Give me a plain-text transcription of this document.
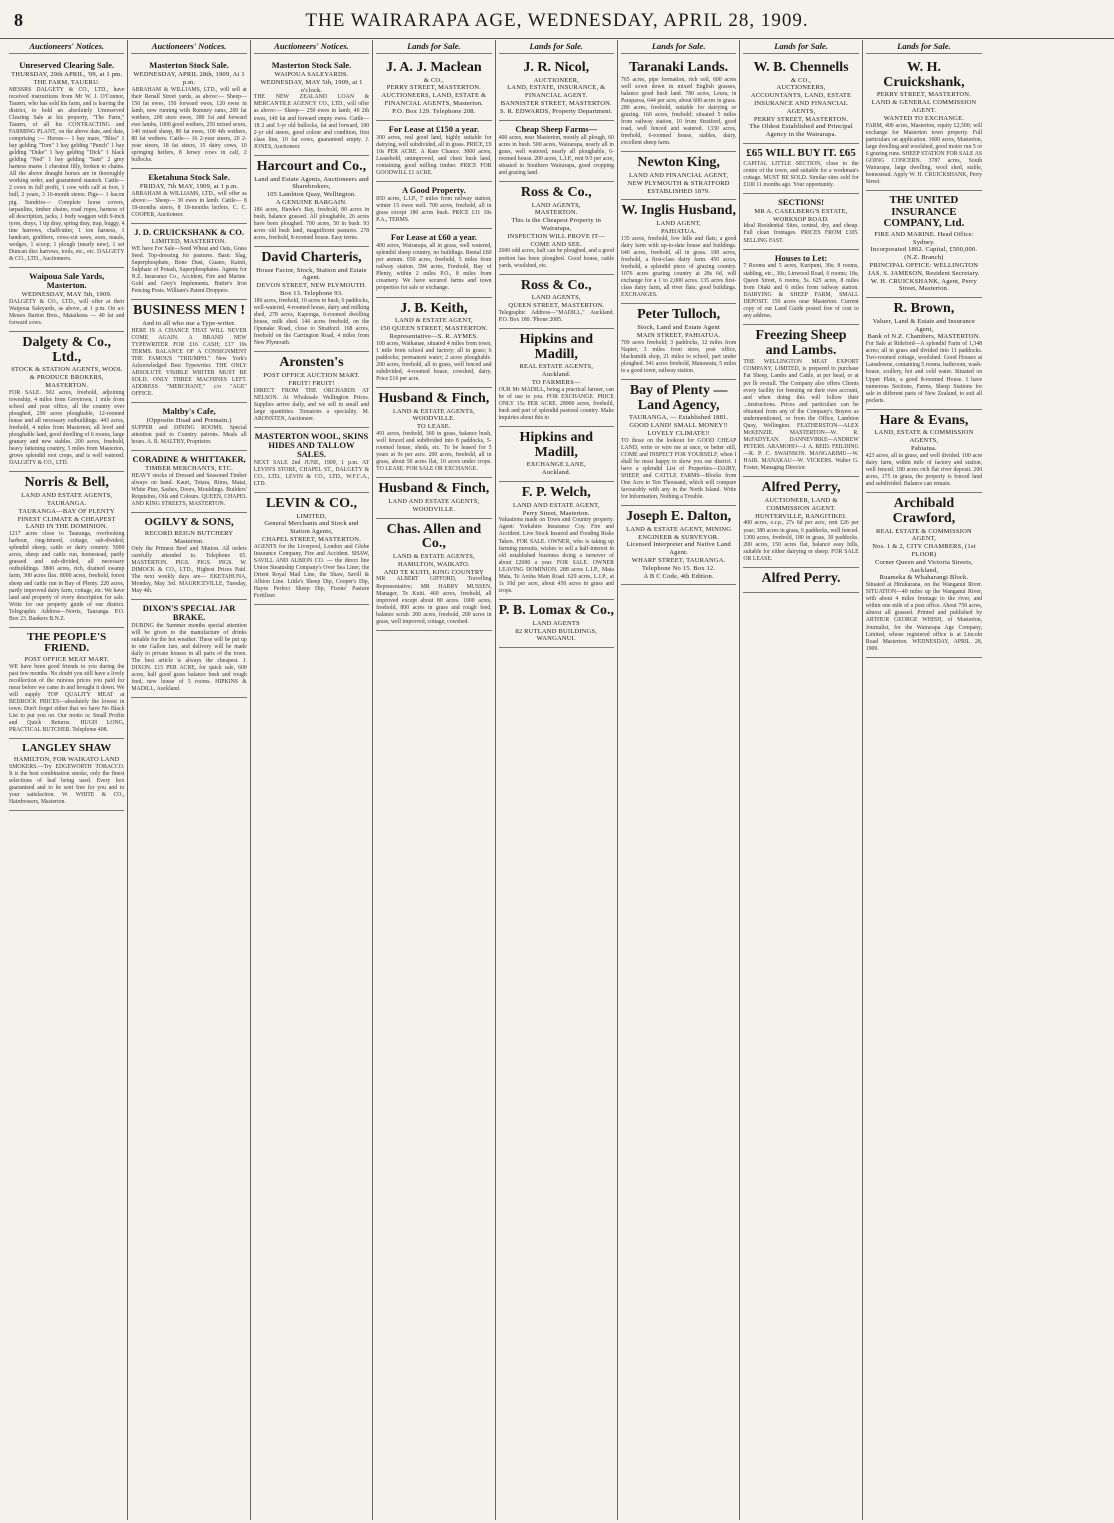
8	THE WAIRARAPA AGE, WEDNESDAY, APRIL 28, 1909.
Auctioneers' Notices.
Unreserved Clearing Sale.
THURSDAY, 29th APRIL, '09, at 1 pm.
THE FARM, TAUERU.
MESSRS DALGETY & CO., LTD., have received instructions from Mr W. J. O'Connor, Tauern, who has sold his farm, and is leaving the district, to hold an absolutely Unreserved Clearing Sale at his property, "The Farm," Tauern, of all his CONTRACTING and FARMING PLANT, on the above date, and date, comprising :— Horses— 1 bay mare, "Bliss" 1 bay gelding "Tom" 1 bay gelding "Punch" 1 bay gelding "Duke" 1 bay gelding "Dick" 1 black gelding "Ned" 1 bay gelding "Sam" 2 grey harness mares 1 chestnut filly, broken to chains. All the above draught horses are in thoroughly working order, and guaranteed staunch. Cattle— 2 cows in full profit, 1 cow with calf at foot, 1 bull, 2 years, 3 16-month steers. Pigs— 1 bacon pig. Sundries— Complete horse covers, tarpaulins, timber chains, road ropes, harness of all description, jacks, 1 body waggon with 9-inch tyres, drays, 1 tip dray, spring dray, trap, buggy, 4 tine harrows, chaffcutter, 1 ton harness, 1 handcart, grubbers, cross-cut saws, axes, mauls, wedges, 1 scoop, 1 plough (nearly new), 1 set Duncan disc harrows, tools, etc., etc. DALGETY & CO., LTD., Auctioneers.
Waipoua Sale Yards, Masterton.
WEDNESDAY, MAY 5th, 1909.
DALGETY & CO., LTD., will offer at their Waipoua Saleyards, as above, at 1 p.m. On a/c Messrs Barton Bros., Mataikona — 40 fat and forward cows.
Dalgety & Co., Ltd.,
STOCK & STATION AGENTS, WOOL & PRODUCE BROKERS, MASTERTON.
FOR SALE. 502 acres, freehold, adjoining township, 4 miles from Greytown, 1 mile from school and post office, all the country ever ploughed, 290 acres ploughable, 12-roomed house and all necessary outbuildings. 443 acres, freehold, 4 miles from Masterton, all level and ploughable land, good dwelling of 6 rooms, large granary and new stables. 200 acres, freehold, heavy fattening country, 5 miles from Masterton, grows splendid root crops, and is well watered. DALGETY & CO., LTD.
Norris & Bell,
LAND AND ESTATE AGENTS, TAURANGA.
TAURANGA—BAY OF PLENTY
FINEST CLIMATE & CHEAPEST LAND IN THE DOMINION.
1217 acres close to Tauranga, overlooking harbour, ring-fenced, cottage, sub-divided; splendid sheep, cattle or dairy country. 5000 acres, sheep and cattle run, homestead, partly grassed and sub-divided, all necessary outbuildings. 3800 acres, rich, drained swamp farm, 300 acres flax. 8000 acres, freehold, forest sheep and cattle run in Bay of Plenty. 220 acres, partly improved dairy farm, cottage, etc. We have land and property of every description for sale. Write for our property guide of our district. Telegraphic Address—Norris, Tauranga. P.O. Box 23. Bankers B.N.Z.
THE PEOPLE'S FRIEND.
POST OFFICE MEAT MART.
WE have been good friends to you during the past few months. No doubt you still have a lively recollection of the ruinous prices you paid for meat before we came in and brought it down. We will supply TOP QUALITY MEAT at BEDROCK PRICES—absolutely the lowest in town. Don't forget either that we have No Black List to put you on. Our motto is: Small Profits and Quick Returns. HUGH LONG, PRACTICAL BUTCHER. Telephone 408.
LANGLEY SHAW
HAMILTON, FOR WAIKATO LAND
SMOKERS.—Try EDGEWORTH TOBACCO. It is the best combination smoke, only the finest selections of leaf being used. Every box guaranteed and to be sent free for you and to your satisfaction. W. WHITE & CO., Hairdressers, Masterton.
Auctioneers' Notices.
Masterton Stock Sale.
WEDNESDAY, APRIL 28th, 1909, At 1 p.m.
ABRAHAM & WILLIAMS, LTD., will sell at their Renall Street yards, as above:— Sheep— 150 fat ewes, 150 forward ewes, 120 ewes in lamb, now running with Romney rams, 200 fat wethers, 200 store ewes, 300 1st and forward ewe lambs, 1000 good wethers, 250 mixed sexes, 140 mixed sheep, 80 fat ewes, 100 4th wethers, 80 fat wethers. Cattle— 16 2-year steers, 20 2-year steers, 18 fat steers, 15 dairy cows, 10 springing heifers, 8 Jersey cows in calf, 2 bullocks.
Eketahuna Stock Sale.
FRIDAY, 7th MAY, 1909, at 1 p.m.
ABRAHAM & WILLIAMS, LTD., will offer as above:— Sheep— 30 ewes in lamb. Cattle— 8 18-months steers, 8 18-months heifers. C. C. COOPER, Auctioneer.
J. D. CRUICKSHANK & CO.
LIMITED, MASTERTON.
WE have For Sale—Seed Wheat and Oats, Grass Seed. Top-dressing for pastures. Basic Slag, Superphosphate, Bone Dust, Guano, Kainit, Sulphate of Potash, Superphosphates. Agents for N.Z. Insurance Co., Accident, Fire and Marine. Gold and Grey's Implements. Butter's Iron Fencing Posts. William's Patent Droppers.
BUSINESS MEN !
And to all who use a Type-writer.
HERE IS A CHANCE THAT WILL NEVER COME AGAIN. A BRAND NEW TYPEWRITER FOR £16 CASH; £17 10s TERMS. BALANCE OF A CONSIGNMENT THE FAMOUS "TRIUMPH." New York's Acknowledged Best Typewriter. THE ONLY ABSOLUTE VISIBLE WRITER MUST BE SOLD. ONLY THREE MACHINES LEFT. ADDRESS "MERCHANT," c/o "AGE" OFFICE.
Maltby's Cafe,
(Opposite Hoad and Premain.)
SUPPER and DINING ROOMS. Special attention paid to Country patrons. Meals all hours. A. R. MALTBY, Proprietor.
CORADINE & WHITTAKER,
TIMBER MERCHANTS, ETC.
HEAVY stocks of Dressed and Seasoned Timber always on hand. Kauri, Totara, Rimu, Matai, White Pine, Sashes, Doors, Mouldings. Builders' Requisites, Oils and Colours. QUEEN, CHAPEL AND KING STREETS, MASTERTON.
OGILVY & SONS,
RECORD REIGN BUTCHERY Masterton.
Only the Primest Beef and Mutton. All orders carefully attended to. Telephone 65. MASTERTON. PIGS. PIGS. PIGS. W. DIMOCK & CO., LTD., Highest Prices Paid. The next weekly days are— EKETAHUNA, Monday, May 3rd. MAURICEVILLE, Tuesday, May 4th.
DIXON'S SPECIAL JAR BRAKE.
DURING the Summer months special attention will be given to the manufacture of drinks suitable for the hot weather. These will be put up in one Gallon Jars, and delivery will be made daily to private houses in all parts of the town. The best article is always the cheapest. J. DIXON. £15 PER ACRE, for quick sale, 600 acres, half good grass balance bush and rough feed, new house of 5 rooms. HIPKINS & MADILL, Auckland.
Auctioneers' Notices.
Masterton Stock Sale.
WAIPOUA SALEYARDS.
WEDNESDAY, MAY 5th, 1909, at 1 o'clock.
THE NEW ZEALAND LOAN & MERCANTILE AGENCY CO., LTD., will offer as above:— Sheep— 250 ewes in lamb, 40 2th ewes, 140 fat and forward empty ewes. Cattle— 18 2 and 3-yr old bullocks, fat and forward, 100 2-yr old steers, good colour and condition, first class line, 10 fat cows, guaranteed empty. J. JONES, Auctioneer.
Harcourt and Co.,
Land and Estate Agents, Auctioneers and Sharebrokers,
105 Lambton Quay, Wellington.
A GENUINE BARGAIN.
186 acres, Hawke's Bay, freehold, 80 acres in bush, balance grassed. All ploughable, 26 acres have been ploughed. 700 acres, 50 in bush. 93 acres old bush land, magnificent pastures. 278 acres, freehold, 8-roomed house. Easy terms.
David Charteris,
House Factor, Stock, Station and Estate Agent.
DEVON STREET, NEW PLYMOUTH. Box 13. Telephone 93.
186 acres, freehold, 10 acres in bush, 6 paddocks, well-watered, 4-roomed house, dairy and milking shed, 278 acres, Kaponga, 6-roomed dwelling house, milk shed. 146 acres freehold, on the Opunake Road, close to Stratford. 168 acres, freehold on the Carrington Road, 4 miles from New Plymouth.
Aronsten's
POST OFFICE AUCTION MART.
FRUIT! FRUIT!
DIRECT FROM THE ORCHARDS AT NELSON. At Wholesale Wellington Prices. Supplies arrive daily, and we sell in small and large quantities. Tomatoes a speciality. M. ARONSTEN, Auctioneer.
MASTERTON WOOL, SKINS HIDES AND TALLOW SALES.
NEXT SALE 2nd JUNE, 1909, 1 p.m. AT LEVIN'S STORE, CHAPEL ST., DALGETY & CO., LTD., LEVIN & CO., LTD., W.F.C.A., LTD.
LEVIN & CO.,
LIMITED,
General Merchants and Stock and Station Agents,
CHAPEL STREET, MASTERTON.
AGENTS for the Liverpool, London and Globe Insurance Company, Fire and Accident. SHAW, SAVILL AND ALBION CO. — the direct line Union Steamship Company's Over Sea Liner, the Orient Royal Mail Line, the Shaw, Savill & Albion Line. Little's Sheep Dip, Cooper's Dip, Hayes Perfect Sheep Dip, Fisons' Pasture Fertilizer.
Lands for Sale.
J. A. J. Maclean
& CO.,
PERRY STREET, MASTERTON.
AUCTIONEERS, LAND, ESTATE & FINANCIAL AGENTS, Masterton.
P.O. Box 129. Telephone 208.
For Lease at £150 a year.
300 acres, real good land, highly suitable for dairying, well subdivided, all in grass. PRICE, £9 10s PER ACRE. A Rare Chance. 3000 acres, Leasehold, unimproved, and chest bush land, containing good milling timber. PRICE FOR GOODWILL £1 ACRE.
A Good Property.
850 acres, L.I.P., 7 miles from railway station, winter 15 ewes well. 700 acres, freehold, all in grass except 180 acres bush. PRICE £11 10s P.A., TERMS.
For Lease at £60 a year.
400 acres, Wairarapa, all in grass, well watered, splendid sheep country, no buildings. Rental £60 per annum. 650 acres, freehold, 5 miles from railway station. 594 acres, Freehold, Bay of Plenty, within 2 miles P.O., 8 miles from creamery. We have secured farms and town properties for sale or exchange.
J. B. Keith,
LAND & ESTATE AGENT,
150 QUEEN STREET, MASTERTON.
Representative—S. R. AYMES.
100 acres, Waikanae, situated 4 miles from town, 1 mile from school and factory; all in grass; 6 paddocks; permanent water; 2 acres ploughable. 200 acres, freehold, all in grass, well fenced and subdivided, 4-roomed house, cowshed, dairy. Price £16 per acre.
Husband & Finch,
LAND & ESTATE AGENTS,
WOODVILLE.
TO LEASE.
491 acres, freehold, 360 in grass, balance bush, well fenced and subdivided into 8 paddocks, 5-roomed house, sheds, etc. To be leased for 5 years at 9s per acre. 200 acres, freehold, all in grass, about 50 acres flat, 10 acres under crops. TO LEASE. FOR SALE OR EXCHANGE.
Husband & Finch,
LAND AND ESTATE AGENTS, WOODVILLE.
Chas. Allen and Co.,
LAND & ESTATE AGENTS,
HAMILTON, WAIKATO.
AND TE KUITI, KING COUNTRY
MR ALBERT GIFFORD, Travelling Representative; MR HARRY MUSSEN, Manager, Te Kuiti. 460 acres, freehold, all improved except about 80 acres. 1000 acres, freehold, 800 acres in grass and rough feed, balance scrub. 200 acres, freehold, 200 acres in grass, well improved, cottage, cowshed.
Lands for Sale.
J. R. Nicol,
AUCTIONEER,
LAND, ESTATE, INSURANCE, & FINANCIAL AGENT.
BANNISTER STREET, MASTERTON.
S. R. EDWARDS, Property Department.
Cheap Sheep Farms—
400 acres, near Masterton, mostly all plough, 60 acres in bush. 500 acres, Wairarapa, nearly all in grass, well watered, nearly all ploughable, 6-roomed house. 200 acres, L.I.P., rent 9/3 per acre, situated in Southern Wairarapa, good cropping and grazing land.
Ross & Co.,
LAND AGENTS,
MASTERTON.
This is the Cheapest Property in Wairarapa,
INSPECTION WILL PROVE IT—COME AND SEE.
2600 odd acres, half can be ploughed, and a good portion has been ploughed. Good house, cattle yards, woolshed, etc.
Ross & Co.,
LAND AGENTS,
QUEEN STREET, MASTERTON.
Telegraphic Address—"MADILL," Auckland. P.O. Box 180. 'Phone 2085.
Hipkins and Madill,
REAL ESTATE AGENTS,
Auckland.
TO FARMERS—
OUR Mr MADILL, being a practical farmer, can be of use to you. FOR EXCHANGE. PRICE ONLY 15s PER ACRE. 28000 acres, freehold, bush and part of splendid pastoral country. Make inquiries about this to
Hipkins and Madill,
EXCHANGE LANE,
Auckland.
F. P. Welch,
LAND AND ESTATE AGENT,
Perry Street, Masterton.
Valuations made on Town and Country property. Agent: Yorkshire Insurance Coy. Fire and Accident. Live Stock Insured and Fooding Risks Taken. FOR SALE. OWNER, who is taking up farming pursuits, wishes to sell a half-interest in old established business doing a turnover of about £2000 a year. FOR SALE. OWNER LEAVING DOMINION. 288 acres L.I.P., Mata Mata, Te Aroha Main Road. 629 acres, L.I.P., at 1s 10d per acre, about 450 acres in grass and crops.
P. B. Lomax & Co.,
LAND AGENTS
82 RUTLAND BUILDINGS,
WANGANUI.
Lands for Sale.
Taranaki Lands.
765 acres, pipe formation, rich soil, 600 acres well sown down in mixed English grasses, balance good bush land. 780 acres, Leura, in Paraparoa, 644 per acre, about 600 acres in grass. 280 acres, freehold, suitable for dairying or grazing. 160 acres, freehold; situated 5 miles from railway station, 10 from Stratford, good road, well fenced and watered. 1330 acres, freehold, 6-roomed house, stables, dairy, excellent sheep farm.
Newton King,
LAND AND FINANCIAL AGENT,
NEW PLYMOUTH & STRATFORD
ESTABLISHED 1879.
W. Inglis Husband,
LAND AGENT,
PAHIATUA.
135 acres, freehold, low hills and flats; a good dairy farm with up-to-date house and buildings. 640 acres, freehold, all in grass. 108 acres, freehold, a first-class dairy farm. 450 acres, freehold, a splendid piece of grazing country. 1076 acres grazing country at 28s 6d, will exchange for a 1 to 2,000 acres. 135 acres first-class dairy farm, all river flats; good buildings. EXCHANGES.
Peter Tulloch,
Stock, Land and Estate Agent
MAIN STREET, PAHIATUA.
709 acres freehold; 3 paddocks, 12 miles from Napier, 3 miles from store, post office, blacksmith shop, 21 miles to school, part under ploughed. 541 acres freehold, Manawatu, 5 miles to a good town, railway station.
Bay of Plenty — Land Agency,
TAURANGA, — Established 1881.
GOOD LAND! SMALL MONEY!! LOVELY CLIMATE!!
TO those on the lookout for GOOD CHEAP LAND, write or wire me at once, or better still, COME and INSPECT FOR YOURSELF, when I shall be most happy to show you our district. I have a splendid List of Properties—DAIRY, SHEEP, and CATTLE FARMS—Blocks from One Acre to Ten Thousand, which will compare favourably with any in the North Island. Write for Information, Nothing a Trouble.
Joseph E. Dalton,
LAND & ESTATE AGENT, MINING ENGINEER & SURVEYOR.
Licensed Interpreter and Native Land Agent.
WHARF STREET, TAURANGA.
Telephone No 15. Box 12.
A B C Code, 4th Edition.
Lands for Sale.
W. B. Chennells
& CO.,
AUCTIONEERS,
ACCOUNTANTS, LAND, ESTATE INSURANCE AND FINANCIAL AGENTS,
PERRY STREET, MASTERTON.
The Oldest Established and Principal Agency in the Wairarapa.
£65 WILL BUY IT. £65
CAPITAL LITTLE SECTION, close to the centre of the town, and suitable for a workman's cottage. MUST BE SOLD. Similar sites sold for £100 11 months ago. Your opportunity.
SECTIONS!
MR A. CASELBERG'S ESTATE,
WORKSOP ROAD.
Ideal Residential Sites, central, dry, and cheap. Full clean frontages. PRICES FROM £105. SELLING FAST.
Houses to Let:
7 Rooms and 5 acres, Kuripuni, 30s; 8 rooms, stabling, etc., 30s; Linwood Road, 6 rooms; 18s; Queen Street, 6 rooms, 5s. 625 acres, 8 miles from Otaki and 6 miles from railway station. DAIRYING & SHEEP FARM, SMALL DEPOSIT. 150 acres near Masterton. Current copy of our Land Guide posted free of cost to any address.
Freezing Sheep and Lambs.
THE WELLINGTON MEAT EXPORT COMPANY, LIMITED, is prepared to purchase Fat Sheep, Lambs and Cattle, at per head, or at per lb overall. The Company also offers Clients every facility for freezing on their own account, and when doing this will follow their ...instructions. Prices and particulars can be obtained from any of the Company's Buyers as undermentioned, or from the Office, Lambton Quay, Wellington. FEATHERSTON—ALEX McKENZIE. MASTERTON—W. R. McFADYEAN. DANNEVIRKE—ANDREW PETERS. ARAMOHO—J. A. REID. FEILDING—R. P. C. SWAINSON. MANGARIMU—W. HAIR. MANAKAU—W. VICKERS. Walter G. Foster, Managing Director.
Alfred Perry,
AUCTIONEER, LAND & COMMISSION AGENT.
HUNTERVILLE, RANGITIKEI.
400 acres, o.r.p., 27s 6d per acre, rent £26 per year; 380 acres in grass, 6 paddocks, well fenced. 1300 acres, freehold, 180 in grass, 30 paddocks. 200 acres, 150 acres flat, balance easy hills, suitable for either dairying or sheep. FOR SALE OR LEASE.
Alfred Perry.
Lands for Sale.
W. H. Cruickshank,
PERRY STREET, MASTERTON.
LAND & GENERAL COMMISSION AGENT.
WANTED TO EXCHANGE.
FARM, 400 acres, Masterton, equity £2,500; will exchange for Masterton town property. Full particulars on application. 1600 acres, Masterton, large dwelling and woolshed, good motor run 5 or 6 grazing runs. SHEEP STATION FOR SALE AS GOING CONCERN. 3787 acres, South Wairarapa, large dwelling, wool shed, stable, homestead. Apply W. H. CRUICKSHANK, Perry Street.
THE UNITED INSURANCE COMPANY, Ltd.
FIRE AND MARINE. Head Office: Sydney.
Incorporated 1862. Capital, £500,000.
(N.Z. Branch)
PRINCIPAL OFFICE: WELLINGTON
JAS. S. JAMESON, Resident Secretary.
W. H. CRUICKSHANK, Agent, Perry Street, Masterton.
R. Brown,
Valuer, Land & Estate and Insurance Agent,
Bank of N.Z. Chambers, MASTERTON.
For Sale at Rideford—A splendid Farm of 1,348 acres; all in grass and divided into 11 paddocks. Two-roomed cottage, woolshed. Good Houses at Lansdowne, containing 5 rooms, bathroom, wash-house, scullery, hot and cold water. Situated on Upper Plain, a good 8-roomed House. I have numerous Sections, Farms, Sheep Stations for sale in different parts of New Zealand, to suit all pockets.
Hare & Evans,
LAND, ESTATE & COMMISSION AGENTS,
Pahiatua.
423 acres, all in grass, and well divided. 100 acre dairy farm, within mile of factory and station, well fenced. 180 acres rich flat river deposit. 200 acres, 175 in grass, the property is fenced land and subdivided. Balance can remain.
Archibald Crawford,
REAL ESTATE & COMMISSION AGENT,
Nos. 1 & 2, CITY CHAMBERS, (1st FLOOR)
Corner Queen and Victoria Streets, Auckland,
Ruameka & Whaharangi Block.
Situated at Hirukurana, on the Wanganui River. SITUATION—40 miles up the Wanganui River, with about 4 miles frontage to the river, and within one mile of a post office. About 750 acres, almost all grassed. Printed and published by ARTHUR GEORGE WHISH, of Masterton, Journalist, for the Wairarapa Age Company, Limited, whose registered office is at Lincoln Road Masterton. WEDNESDAY, APRIL 28, 1909.
